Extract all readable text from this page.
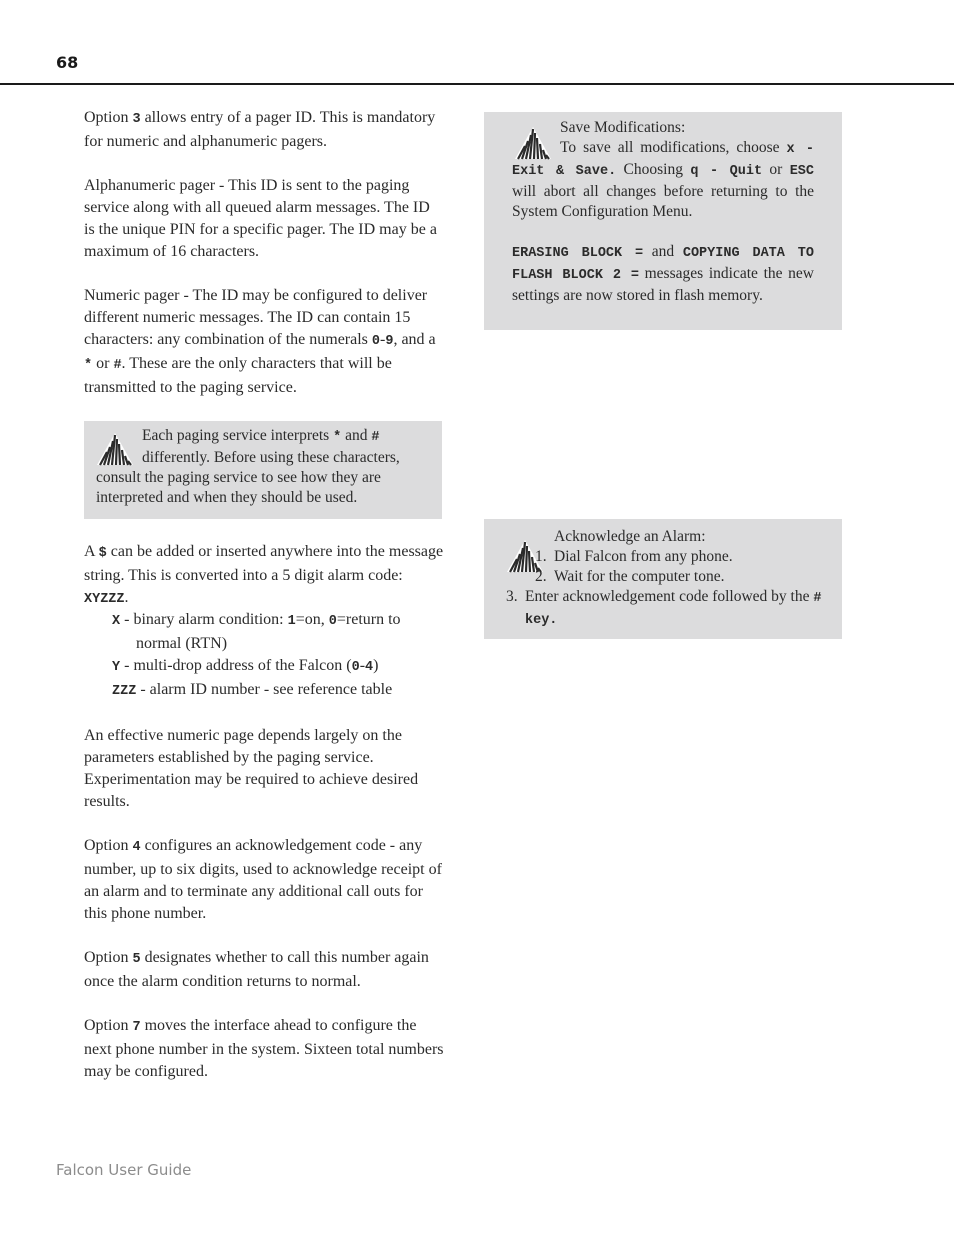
68

Option 3 allows entry of a pager ID. This is mandatory for numeric and alphanumeric pagers.

Alphanumeric pager - This ID is sent to the paging service along with all queued alarm messages. The ID is the unique PIN for a specific pager. The ID may be a maximum of 16 characters.

Numeric pager - The ID may be configured to deliver different numeric messages. The ID can contain 15 characters: any combination of the numerals 0-9, and a * or #. These are the only characters that will be transmitted to the paging service.

Each paging service interprets * and # differently. Before using these characters, consult the paging service to see how they are interpreted and when they should be used.

A $ can be added or inserted anywhere into the message string. This is converted into a 5 digit alarm code: XYZZZ.

X - binary alarm condition: 1=on, 0=return to normal (RTN)
Y - multi-drop address of the Falcon (0-4)
ZZZ - alarm ID number - see reference table

An effective numeric page depends largely on the parameters established by the paging service. Experimentation may be required to achieve desired results.

Option 4 configures an acknowledgement code - any number, up to six digits, used to acknowledge receipt of an alarm and to terminate any additional call outs for this phone number.

Option 5 designates whether to call this number again once the alarm condition returns to normal.

Option 7 moves the interface ahead to configure the next phone number in the system. Sixteen total numbers may be configured.

Save Modifications:
To save all modifications, choose x - Exit & Save. Choosing q - Quit or ESC will abort all changes before returning to the System Configuration Menu.
ERASING BLOCK = and COPYING DATA TO FLASH BLOCK 2 = messages indicate the new settings are now stored in flash memory.
Acknowledge an Alarm:
1. Dial Falcon from any phone.
2. Wait for the computer tone.
3. Enter acknowledgement code followed by the # key.
Falcon User Guide
